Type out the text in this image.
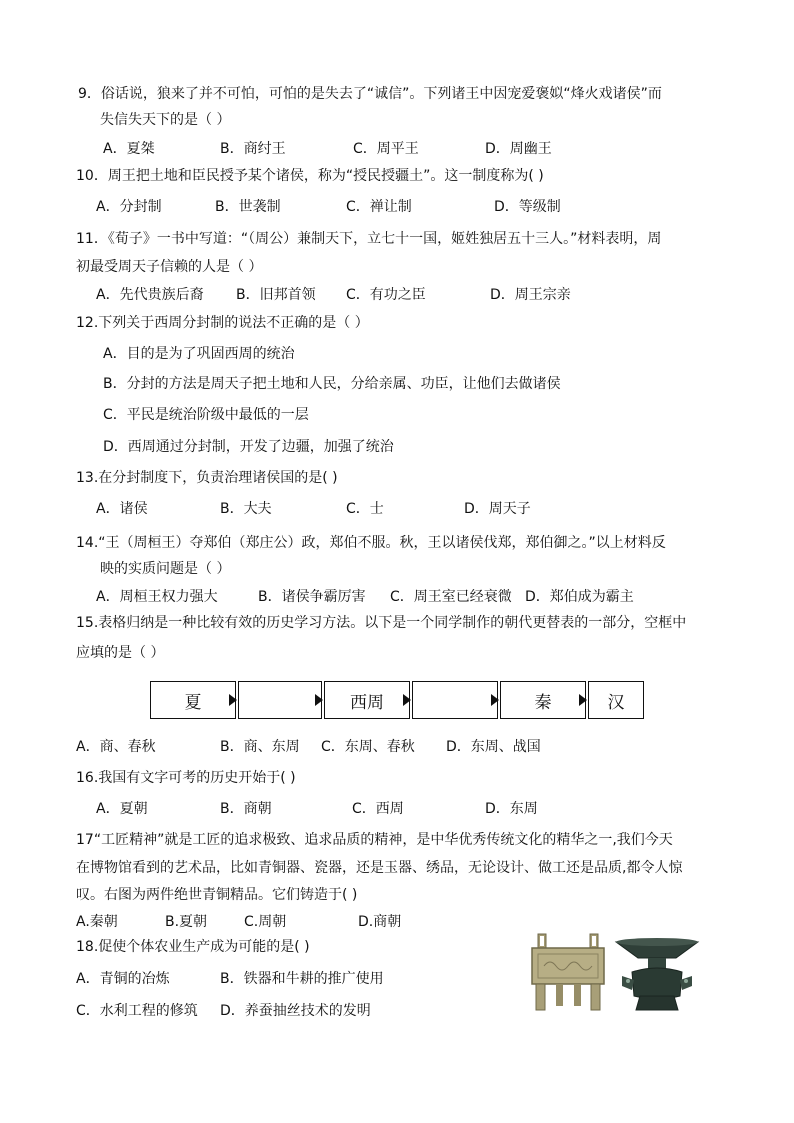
9．俗话说，狼来了并不可怕，可怕的是失去了“诚信”。下列诸王中因宠爱褒姒“烽火戏诸侯”而
失信失天下的是（ ）
A．夏桀	B．商纣王	C．周平王	D．周幽王
10．周王把土地和臣民授予某个诸侯，称为“授民授疆土”。这一制度称为( )
A．分封制	B．世袭制	C．禅让制	D．等级制
11．《荀子》一书中写道：“（周公）兼制天下，立七十一国，姬姓独居五十三人。”材料表明，周
初最受周天子信赖的人是（ ）
A．先代贵族后裔 B．旧邦首领 C．有功之臣	D．周王宗亲
12.下列关于西周分封制的说法不正确的是（ ）
A．目的是为了巩固西周的统治
B．分封的方法是周天子把土地和人民，分给亲属、功臣，让他们去做诸侯
C．平民是统治阶级中最低的一层
D．西周通过分封制，开发了边疆，加强了统治
13.在分封制度下，负责治理诸侯国的是( )
A．诸侯	B．大夫	C．士	D．周天子
14.“王（周桓王）夺郑伯（郑庄公）政，郑伯不服。秋，王以诸侯伐郑，郑伯御之。”以上材料反
映的实质问题是（ ）
A．周桓王权力强大	B．诸侯争霸厉害 C．周王室已经衰微 D．郑伯成为霸主
15.表格归纳是一种比较有效的历史学习方法。以下是一个同学制作的朝代更替表的一部分，空框中
应填的是（ ）
夏	西周	秦	汉
A．商、春秋	B．商、东周 C．东周、春秋 D．东周、战国
16.我国有文字可考的历史开始于( )
A．夏朝	B．商朝	C．西周	D．东周
17“工匠精神”就是工匠的追求极致、追求品质的精神，是中华优秀传统文化的精华之一,我们今天
在博物馆看到的艺术品，比如青铜器、瓷器，还是玉器、绣品，无论设计、做工还是品质,都令人惊
叹。右图为两件绝世青铜精品。它们铸造于( )
A.秦朝	B.夏朝	C.周朝	D.商朝
18.促使个体农业生产成为可能的是( )
A．青铜的冶炼	B．铁器和牛耕的推广使用
C．水利工程的修筑 D．养蚕抽丝技术的发明
